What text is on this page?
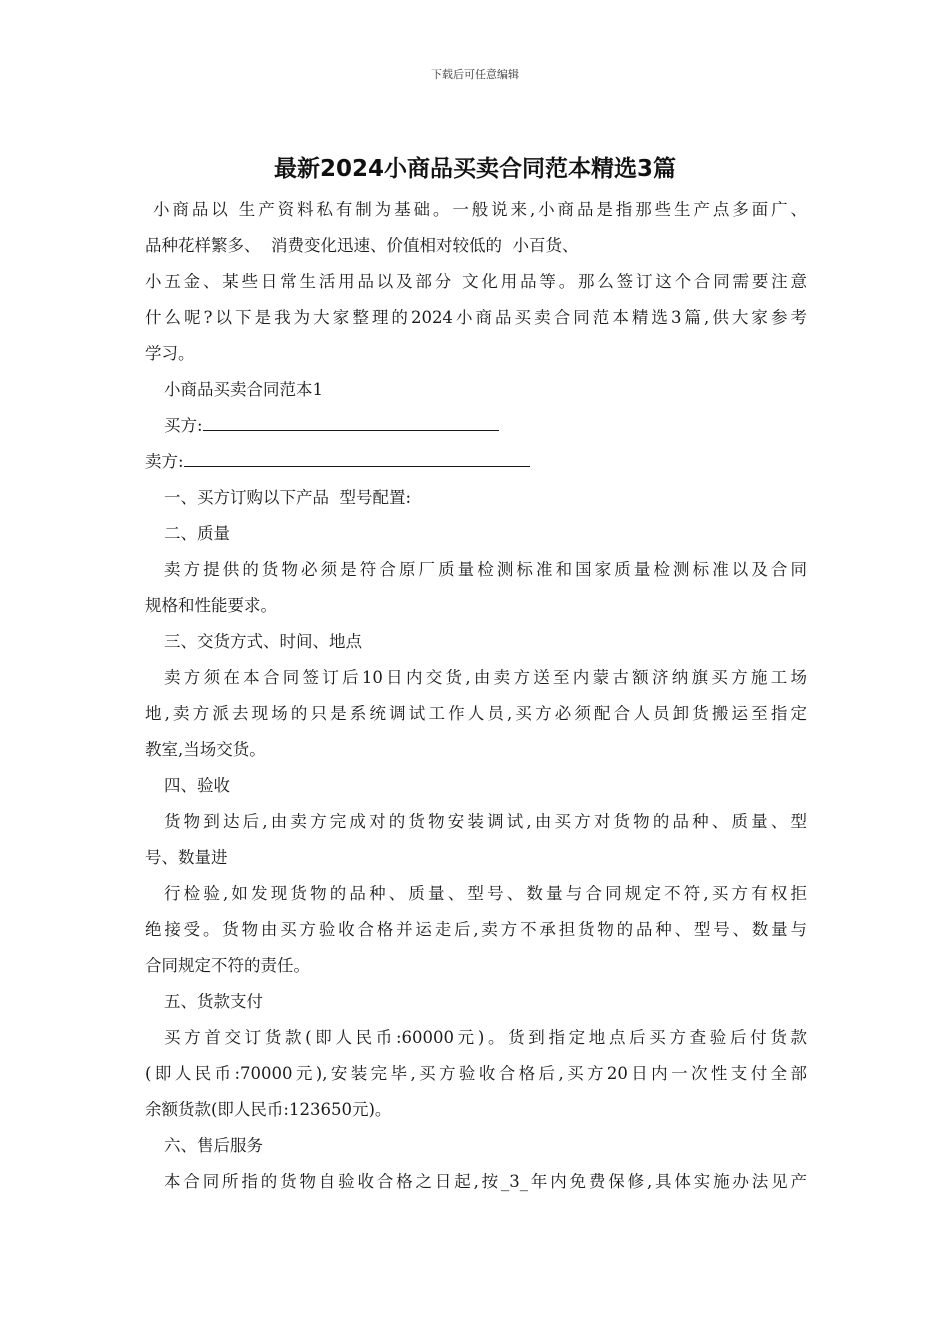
下载后可任意编辑
最新2024小商品买卖合同范本精选3篇
小商品以 生产资料私有制为基础。一般说来,小商品是指那些生产点多面广、
品种花样繁多、  消费变化迅速、价值相对较低的  小百货、
小五金、某些日常生活用品以及部分 文化用品等。那么签订这个合同需要注意
什么呢?以下是我为大家整理的2024小商品买卖合同范本精选3篇,供大家参考
学习。
小商品买卖合同范本1
买方:
卖方:
一、买方订购以下产品  型号配置:
二、质量
卖方提供的货物必须是符合原厂质量检测标准和国家质量检测标准以及合同
规格和性能要求。
三、交货方式、时间、地点
卖方须在本合同签订后10日内交货,由卖方送至内蒙古额济纳旗买方施工场
地,卖方派去现场的只是系统调试工作人员,买方必须配合人员卸货搬运至指定
教室,当场交货。
四、验收
货物到达后,由卖方完成对的货物安装调试,由买方对货物的品种、质量、型
号、数量进
行检验,如发现货物的品种、质量、型号、数量与合同规定不符,买方有权拒
绝接受。货物由买方验收合格并运走后,卖方不承担货物的品种、型号、数量与
合同规定不符的责任。
五、货款支付
买方首交订货款(即人民币:60000元)。货到指定地点后买方查验后付货款
(即人民币:70000元),安装完毕,买方验收合格后,买方20日内一次性支付全部
余额货款(即人民币:123650元)。
六、售后服务
本合同所指的货物自验收合格之日起,按_3_年内免费保修,具体实施办法见产
